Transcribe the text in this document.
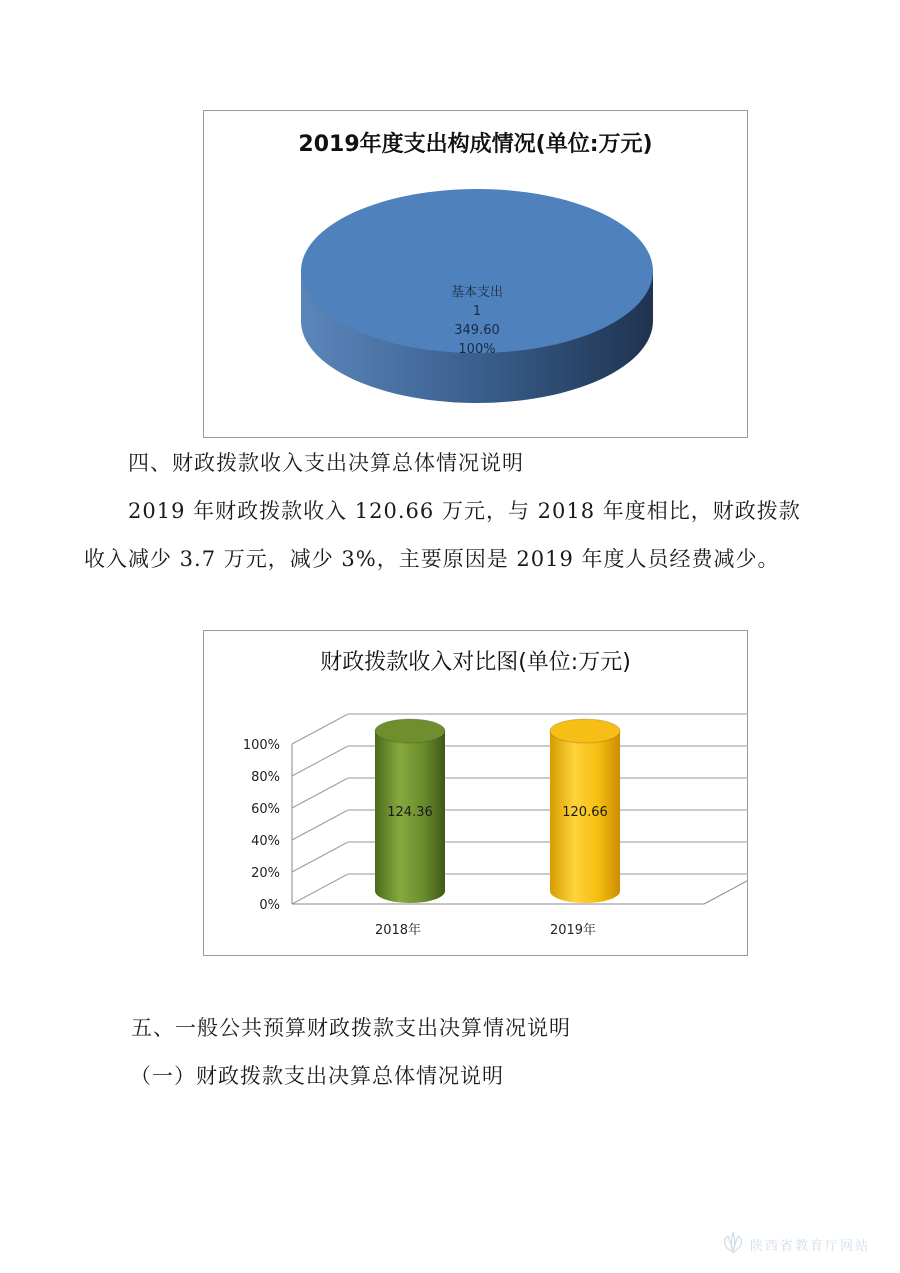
2019年度支出构成情况(单位:万元)
基本支出
1
349.60
100%
四、财政拨款收入支出决算总体情况说明
2019 年财政拨款收入 120.66 万元，与 2018 年度相比，财政拨款
收入减少 3.7 万元，减少 3%，主要原因是 2019 年度人员经费减少。
财政拨款收入对比图(单位:万元)
0%
20%
40%
60%
80%
100%
124.36	120.66
2018年	2019年
五、一般公共预算财政拨款支出决算情况说明
（一）财政拨款支出决算总体情况说明
陕西省教育厅网站
